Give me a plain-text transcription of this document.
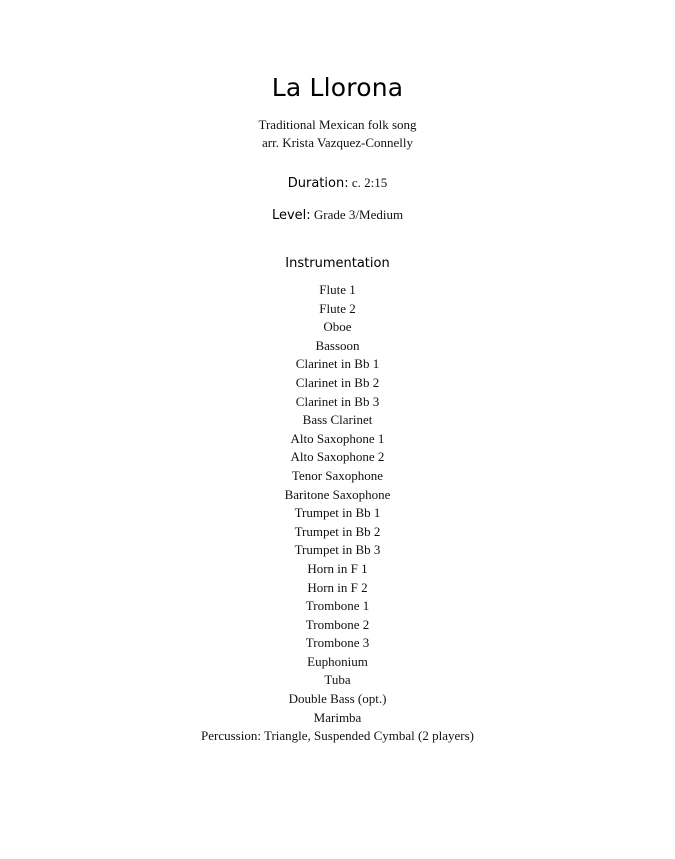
La Llorona
Traditional Mexican folk song
arr. Krista Vazquez-Connelly
Duration: c. 2:15
Level: Grade 3/Medium
Instrumentation
Flute 1
Flute 2
Oboe
Bassoon
Clarinet in Bb 1
Clarinet in Bb 2
Clarinet in Bb 3
Bass Clarinet
Alto Saxophone 1
Alto Saxophone 2
Tenor Saxophone
Baritone Saxophone
Trumpet in Bb 1
Trumpet in Bb 2
Trumpet in Bb 3
Horn in F 1
Horn in F 2
Trombone 1
Trombone 2
Trombone 3
Euphonium
Tuba
Double Bass (opt.)
Marimba
Percussion: Triangle, Suspended Cymbal (2 players)
